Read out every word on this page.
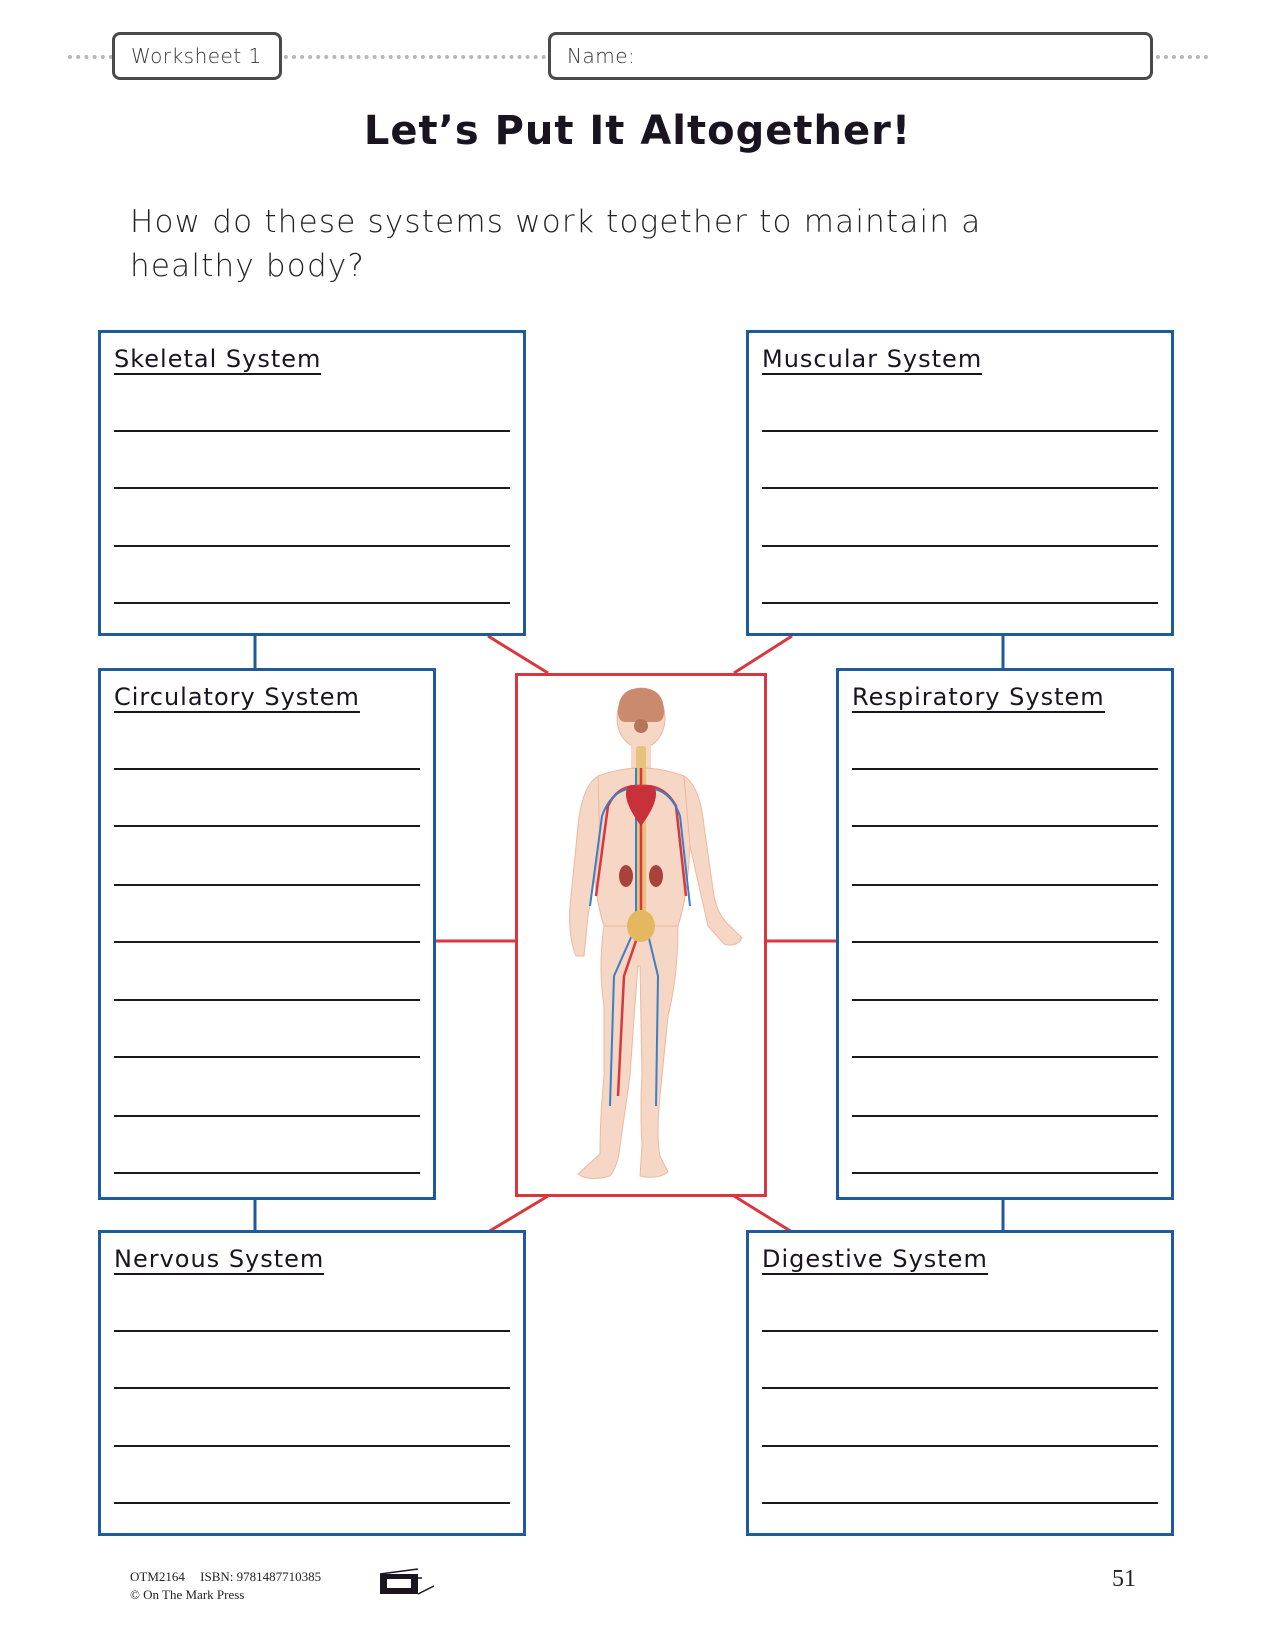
Worksheet 1	Name:
Let’s Put It Altogether!
How do these systems work together to maintain a healthy body?
Skeletal System	Muscular System
Circulatory System	Respiratory System
Nervous System	Digestive System
OTM2164 ISBN: 9781487710385
© On The Mark Press
51
